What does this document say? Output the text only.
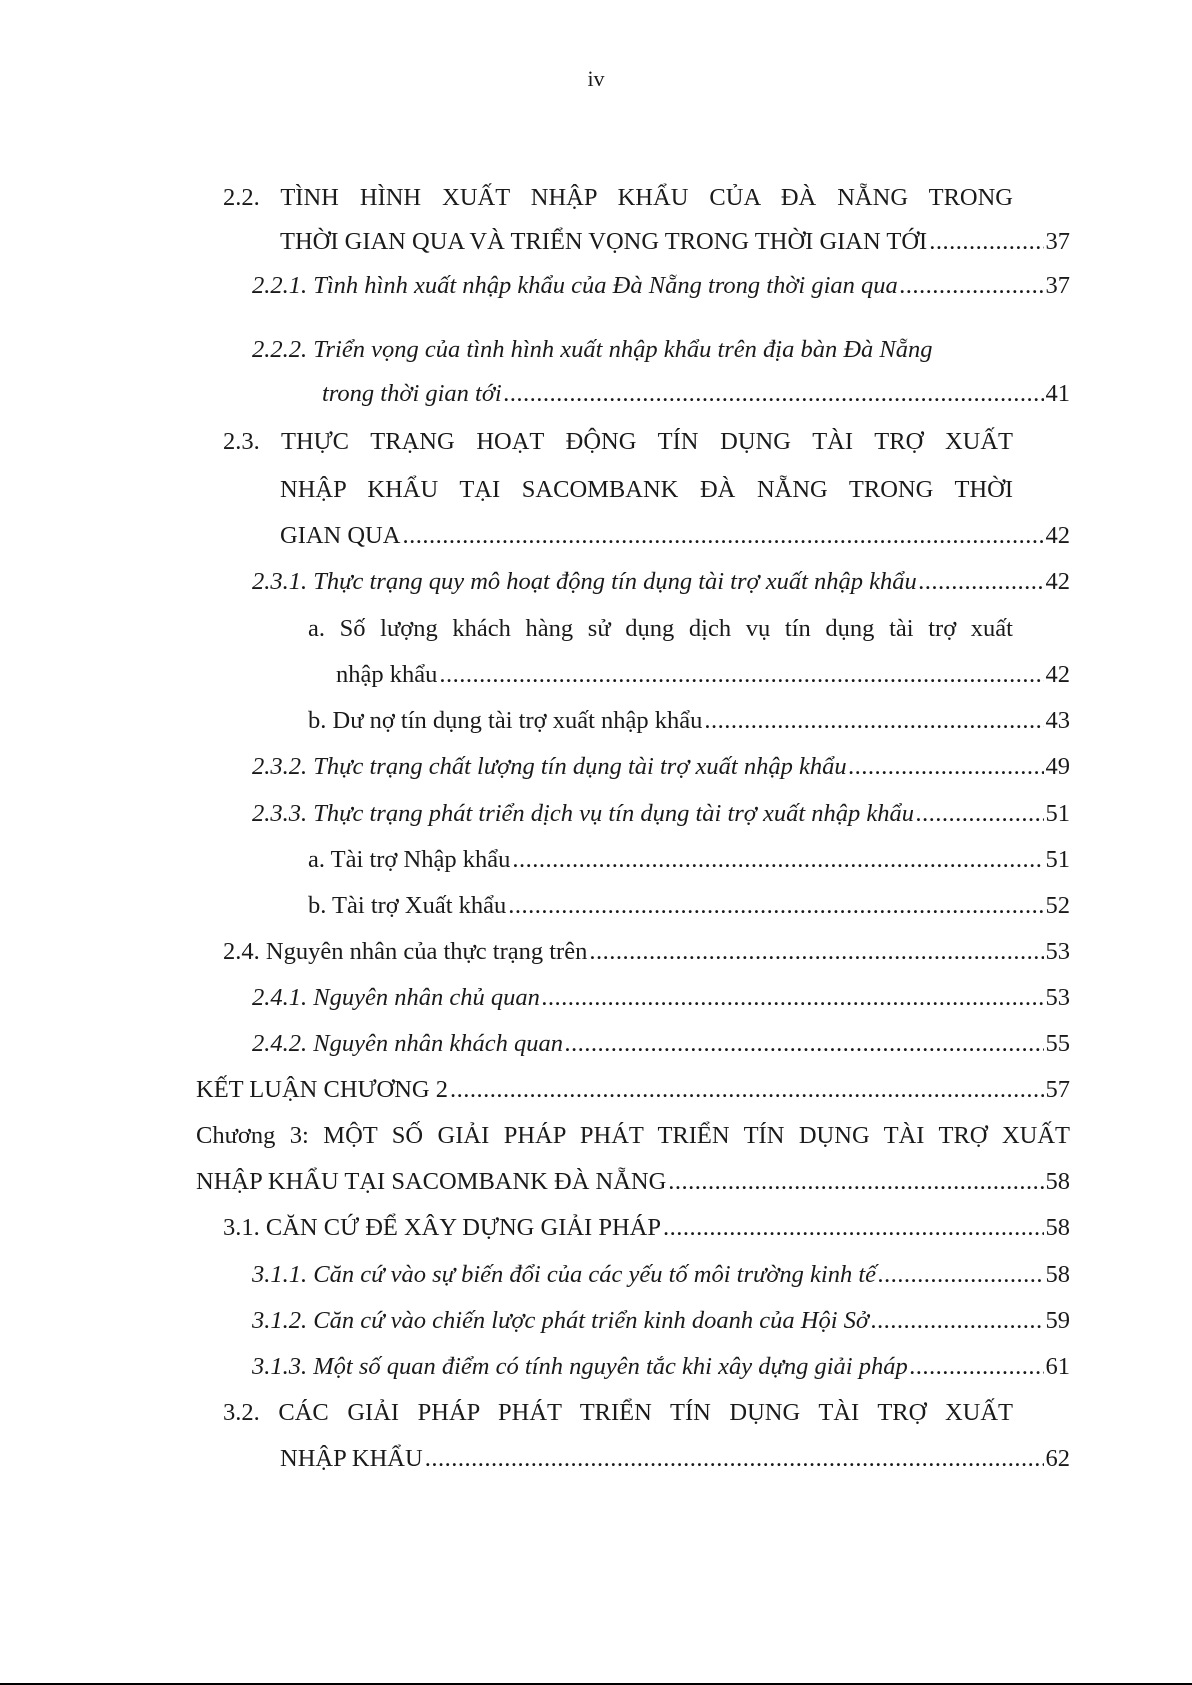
iv
2.2. TÌNH HÌNH XUẤT NHẬP KHẨU CỦA ĐÀ NẴNG TRONG
THỜI GIAN QUA VÀ TRIỂN VỌNG TRONG THỜI GIAN TỚI .....	37
2.2.1. Tình hình xuất nhập khẩu của Đà Nẵng trong thời gian qua .....	37
2.2.2. Triển vọng của tình hình xuất nhập khẩu trên địa bàn Đà Nẵng
trong thời gian tới .....	41
2.3. THỰC TRẠNG HOẠT ĐỘNG TÍN DỤNG TÀI TRỢ XUẤT
NHẬP KHẨU TẠI SACOMBANK ĐÀ NẴNG TRONG THỜI
GIAN QUA .....	42
2.3.1. Thực trạng quy mô hoạt động tín dụng tài trợ xuất nhập khẩu .....	42
a. Số lượng khách hàng sử dụng dịch vụ tín dụng tài trợ xuất
nhập khẩu .....	42
b. Dư nợ tín dụng tài trợ xuất nhập khẩu .....	43
2.3.2. Thực trạng chất lượng tín dụng tài trợ xuất nhập khẩu .....	49
2.3.3. Thực trạng phát triển dịch vụ tín dụng tài trợ xuất nhập khẩu .....	51
a. Tài trợ Nhập khẩu .....	51
b. Tài trợ Xuất khẩu .....	52
2.4. Nguyên nhân của thực trạng trên .....	53
2.4.1. Nguyên nhân chủ quan .....	53
2.4.2. Nguyên nhân khách quan .....	55
KẾT LUẬN CHƯƠNG 2 .....	57
Chương 3: MỘT SỐ GIẢI PHÁP PHÁT TRIỂN TÍN DỤNG TÀI TRỢ XUẤT
NHẬP KHẨU TẠI SACOMBANK ĐÀ NẴNG .....	58
3.1. CĂN CỨ ĐỂ XÂY DỰNG GIẢI PHÁP .....	58
3.1.1. Căn cứ vào sự biến đổi của các yếu tố môi trường kinh tế .....	58
3.1.2. Căn cứ vào chiến lược phát triển kinh doanh của Hội Sở .....	59
3.1.3. Một số quan điểm có tính nguyên tắc khi xây dựng giải pháp .....	61
3.2. CÁC GIẢI PHÁP PHÁT TRIỂN TÍN DỤNG TÀI TRỢ XUẤT
NHẬP KHẨU .....	62
